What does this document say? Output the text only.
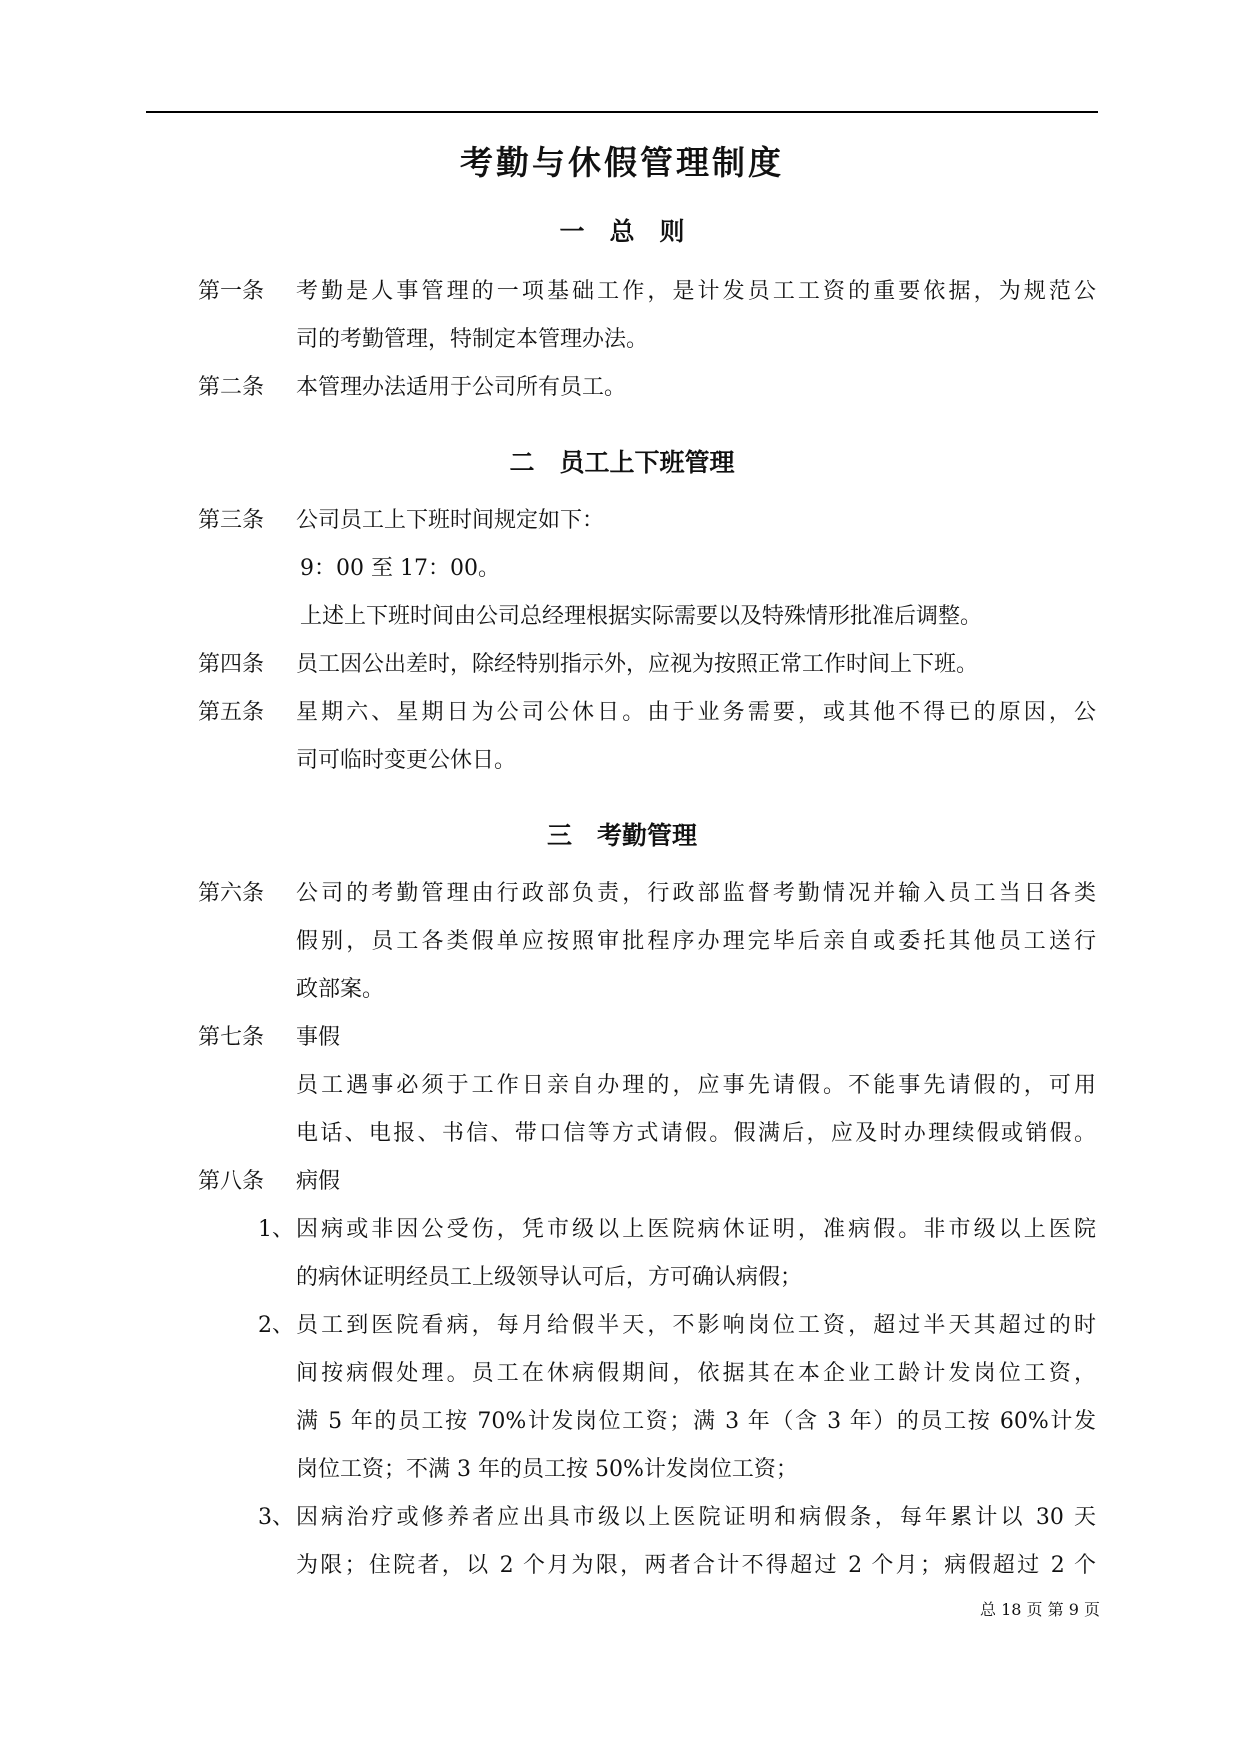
考勤与休假管理制度
一　总　则
第一条 考勤是人事管理的一项基础工作，是计发员工工资的重要依据，为规范公
司的考勤管理，特制定本管理办法。
第二条 本管理办法适用于公司所有员工。
二　员工上下班管理
第三条 公司员工上下班时间规定如下：
9：00 至 17：00。
上述上下班时间由公司总经理根据实际需要以及特殊情形批准后调整。
第四条 员工因公出差时，除经特别指示外，应视为按照正常工作时间上下班。
第五条 星期六、星期日为公司公休日。由于业务需要，或其他不得已的原因，公
司可临时变更公休日。
三　考勤管理
第六条 公司的考勤管理由行政部负责，行政部监督考勤情况并输入员工当日各类
假别，员工各类假单应按照审批程序办理完毕后亲自或委托其他员工送行
政部案。
第七条 事假
员工遇事必须于工作日亲自办理的，应事先请假。不能事先请假的，可用
电话、电报、书信、带口信等方式请假。假满后，应及时办理续假或销假。
第八条 病假
1、 因病或非因公受伤，凭市级以上医院病休证明，准病假。非市级以上医院
的病休证明经员工上级领导认可后，方可确认病假；
2、 员工到医院看病，每月给假半天，不影响岗位工资，超过半天其超过的时
间按病假处理。员工在休病假期间，依据其在本企业工龄计发岗位工资，
满 5 年的员工按 70%计发岗位工资；满 3 年（含 3 年）的员工按 60%计发
岗位工资；不满 3 年的员工按 50%计发岗位工资；
3、 因病治疗或修养者应出具市级以上医院证明和病假条，每年累计以 30 天
为限；住院者，以 2 个月为限，两者合计不得超过 2 个月；病假超过 2 个
总 18 页 第 9 页
